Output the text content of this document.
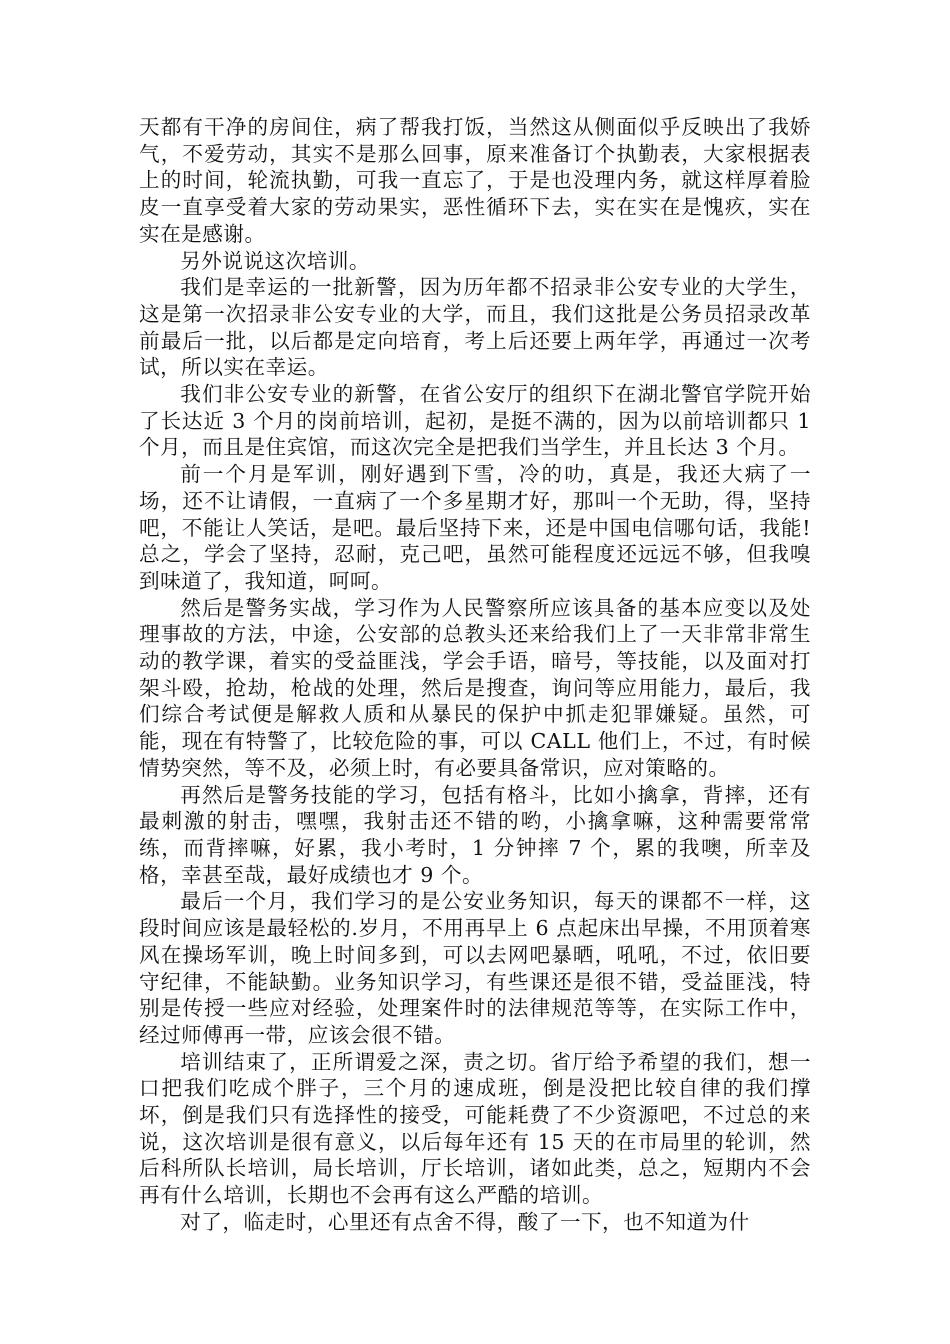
天都有干净的房间住，病了帮我打饭，当然这从侧面似乎反映出了我娇气，不爱劳动，其实不是那么回事，原来准备订个执勤表，大家根据表上的时间，轮流执勤，可我一直忘了，于是也没理内务，就这样厚着脸皮一直享受着大家的劳动果实，恶性循环下去，实在实在是愧疚，实在实在是感谢。

另外说说这次培训。

我们是幸运的一批新警，因为历年都不招录非公安专业的大学生，这是第一次招录非公安专业的大学，而且，我们这批是公务员招录改革前最后一批，以后都是定向培育，考上后还要上两年学，再通过一次考试，所以实在幸运。

我们非公安专业的新警，在省公安厅的组织下在湖北警官学院开始了长达近 3 个月的岗前培训，起初，是挺不满的，因为以前培训都只 1 个月，而且是住宾馆，而这次完全是把我们当学生，并且长达 3 个月。

前一个月是军训，刚好遇到下雪，冷的叻，真是，我还大病了一场，还不让请假，一直病了一个多星期才好，那叫一个无助，得，坚持吧，不能让人笑话，是吧。最后坚持下来，还是中国电信哪句话，我能!总之，学会了坚持，忍耐，克己吧，虽然可能程度还远远不够，但我嗅到味道了，我知道，呵呵。

然后是警务实战，学习作为人民警察所应该具备的基本应变以及处理事故的方法，中途，公安部的总教头还来给我们上了一天非常非常生动的教学课，着实的受益匪浅，学会手语，暗号，等技能，以及面对打架斗殴，抢劫，枪战的处理，然后是搜查，询问等应用能力，最后，我们综合考试便是解救人质和从暴民的保护中抓走犯罪嫌疑。虽然，可能，现在有特警了，比较危险的事，可以 CALL 他们上，不过，有时候情势突然，等不及，必须上时，有必要具备常识，应对策略的。

再然后是警务技能的学习，包括有格斗，比如小擒拿，背摔，还有最刺激的射击，嘿嘿，我射击还不错的哟，小擒拿嘛，这种需要常常练，而背摔嘛，好累，我小考时，1 分钟摔 7 个，累的我噢，所幸及格，幸甚至哉，最好成绩也才 9 个。

最后一个月，我们学习的是公安业务知识，每天的课都不一样，这段时间应该是最轻松的.岁月，不用再早上 6 点起床出早操，不用顶着寒风在操场军训，晚上时间多到，可以去网吧暴晒，吼吼，不过，依旧要守纪律，不能缺勤。业务知识学习，有些课还是很不错，受益匪浅，特别是传授一些应对经验，处理案件时的法律规范等等，在实际工作中，经过师傅再一带，应该会很不错。

培训结束了，正所谓爱之深，责之切。省厅给予希望的我们，想一口把我们吃成个胖子，三个月的速成班，倒是没把比较自律的我们撑坏，倒是我们只有选择性的接受，可能耗费了不少资源吧，不过总的来说，这次培训是很有意义，以后每年还有 15 天的在市局里的轮训，然后科所队长培训，局长培训，厅长培训，诸如此类，总之，短期内不会再有什么培训，长期也不会再有这么严酷的培训。

对了，临走时，心里还有点舍不得，酸了一下，也不知道为什
